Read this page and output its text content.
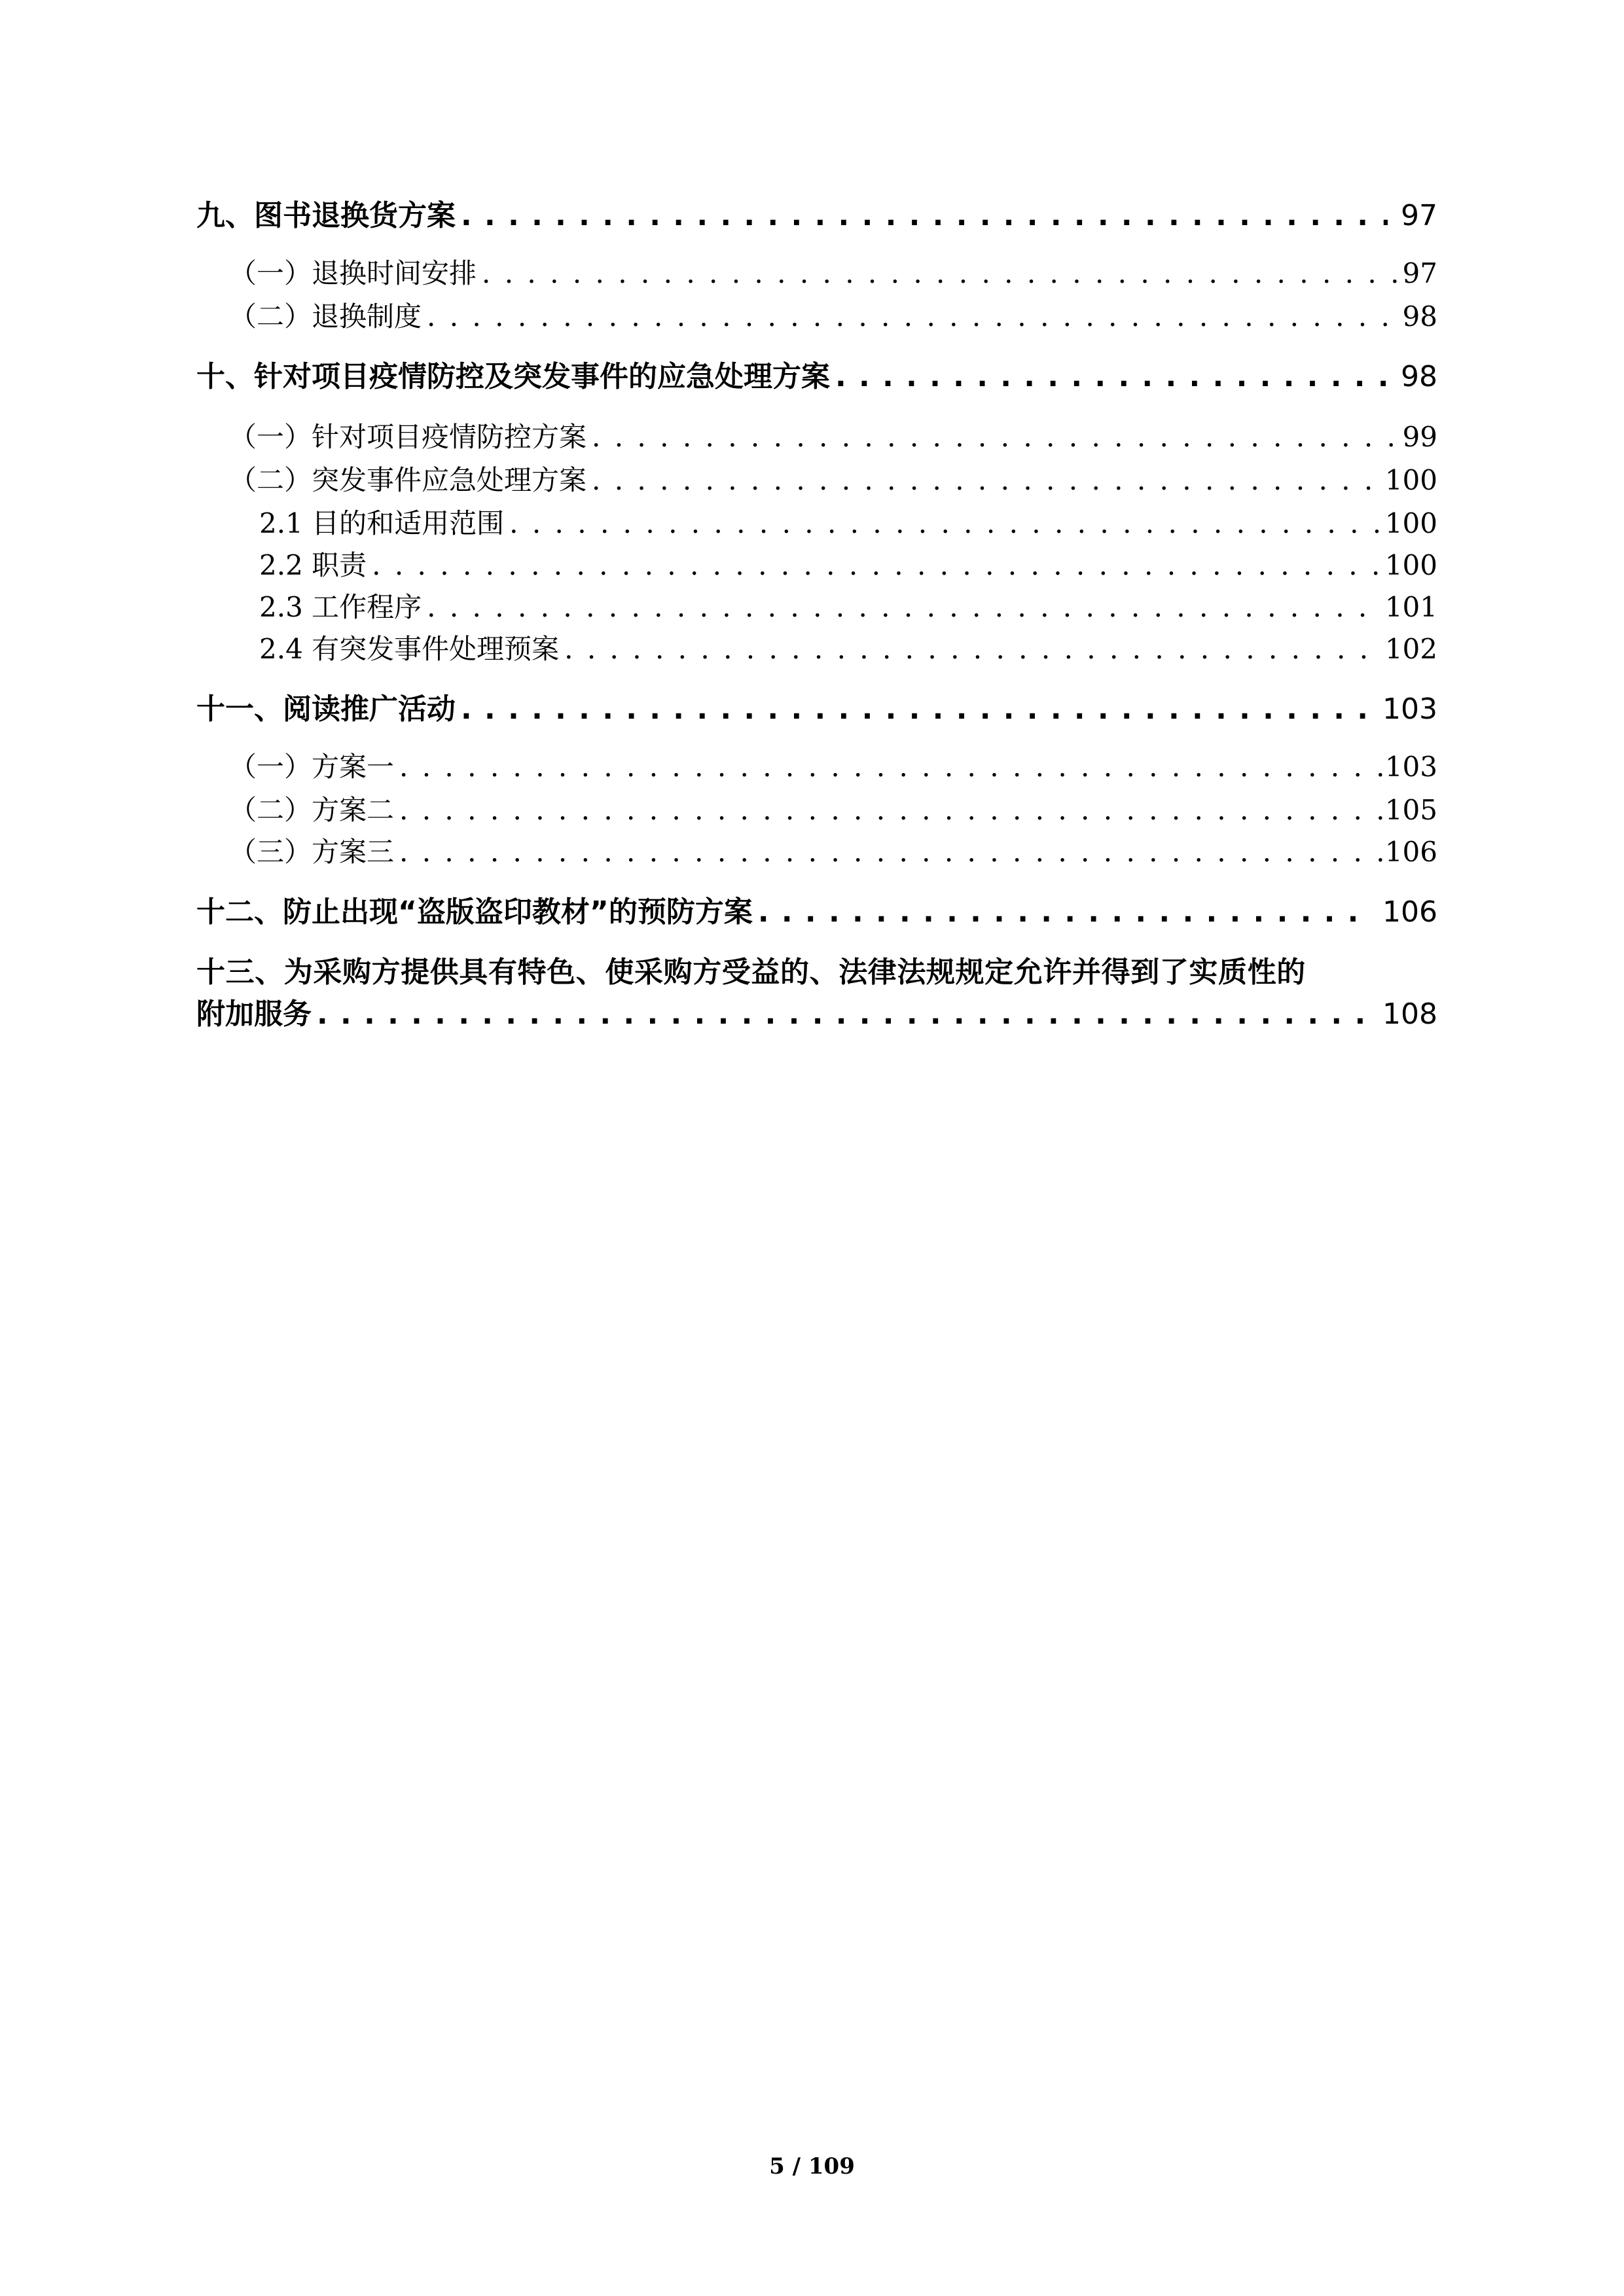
九、图书退换货方案 . . .	97
（一）退换时间安排 . . .	97
（二）退换制度 . . .	98
十、针对项目疫情防控及突发事件的应急处理方案 . . .	98
（一）针对项目疫情防控方案 . . .	99
（二）突发事件应急处理方案 . . .	100
2.1 目的和适用范围 . . .	100
2.2 职责 . . .	100
2.3 工作程序 . . .	101
2.4 有突发事件处理预案 . . .	102
十一、阅读推广活动 . . .	103
（一）方案一 . . .	103
（二）方案二 . . .	105
（三）方案三 . . .	106
十二、防止出现“盗版盗印教材”的预防方案 . . .	106
十三、为采购方提供具有特色、使采购方受益的、法律法规规定允许并得到了实质性的
附加服务 . . .	108
5 / 109
